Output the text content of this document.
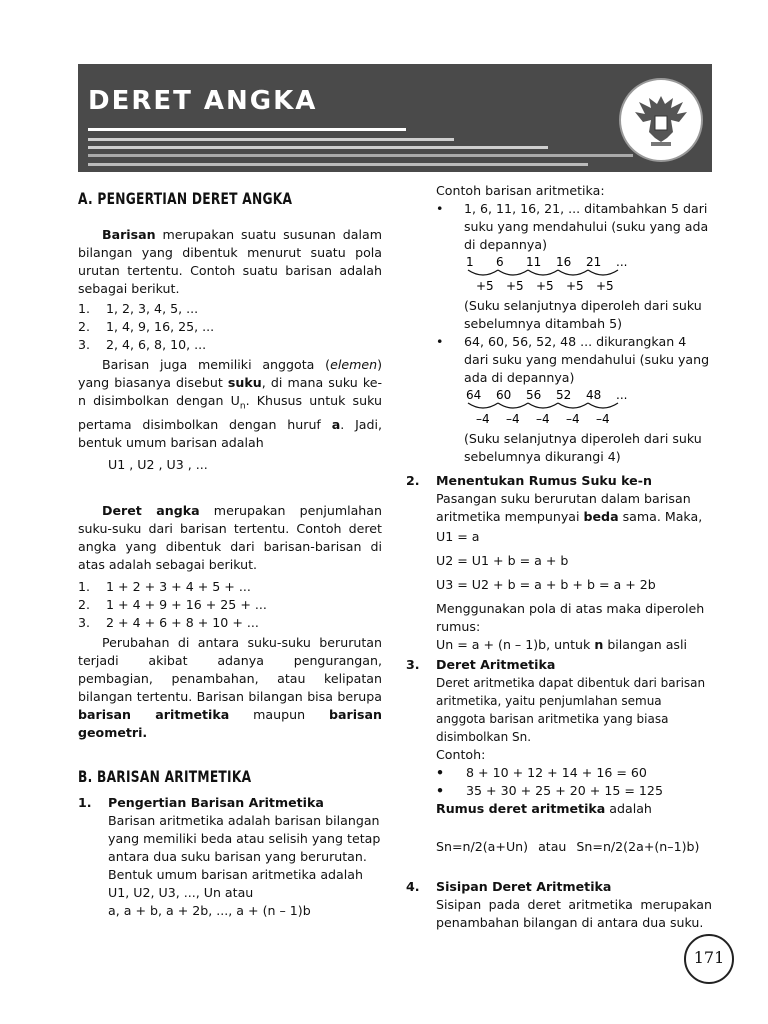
DERET ANGKA
A. PENGERTIAN DERET ANGKA

Barisan merupakan suatu susunan dalam bilangan yang dibentuk menurut suatu pola urutan tertentu. Contoh suatu barisan adalah sebagai berikut.

1.	1, 2, 3, 4, 5, ...
2.	1, 4, 9, 16, 25, ...
3.	2, 4, 6, 8, 10, ...

Barisan juga memiliki anggota (elemen) yang biasanya disebut suku, di mana suku ke-n disimbolkan dengan $U_n$. Khusus untuk suku pertama disimbolkan dengan huruf a. Jadi, bentuk umum barisan adalah

U1 , U2 , U3 , ...

Deret angka merupakan penjumlahan suku-suku dari barisan tertentu. Contoh deret angka yang dibentuk dari barisan-barisan di atas adalah sebagai berikut.

1.	1 + 2 + 3 + 4 + 5 + ...
2.	1 + 4 + 9 + 16 + 25 + ...
3.	2 + 4 + 6 + 8 + 10 + ...

Perubahan di antara suku-suku berurutan terjadi akibat adanya pengurangan, pembagian, penambahan, atau kelipatan bilangan tertentu. Barisan bilangan bisa berupa barisan aritmetika maupun barisan geometri.

B. BARISAN ARITMETIKA
1.	Pengertian Barisan Aritmetika

Barisan aritmetika adalah barisan bilangan yang memiliki beda atau selisih yang tetap antara dua suku barisan yang berurutan. Bentuk umum barisan aritmetika adalah

U1, U2, U3, ..., Un atau

a, a + b, a + 2b, ..., a + (n – 1)b

Contoh barisan aritmetika:

•	1, 6, 11, 16, 21, ... ditambahkan 5 dari suku yang mendahului (suku yang ada di depannya)

1 6 11 16 21 ...
+5 +5 +5 +5 +5

(Suku selanjutnya diperoleh dari suku sebelumnya ditambah 5)

•	64, 60, 56, 52, 48 ... dikurangkan 4 dari suku yang mendahului (suku yang ada di depannya)

64 60 56 52 48 ...
–4 –4 –4 –4 –4

(Suku selanjutnya diperoleh dari suku sebelumnya dikurangi 4)

2.	Menentukan Rumus Suku ke-n

Pasangan suku berurutan dalam barisan aritmetika mempunyai beda sama. Maka,

U1 = a

U2 = U1 + b = a + b

U3 = U2 + b = a + b + b = a + 2b

Menggunakan pola di atas maka diperoleh rumus:

Un = a + (n – 1)b, untuk n bilangan asli

3.	Deret Aritmetika

Deret aritmetika dapat dibentuk dari barisan aritmetika, yaitu penjumlahan semua anggota barisan aritmetika yang biasa disimbolkan Sn.

Contoh:

•	8 + 10 + 12 + 14 + 16 = 60
•	35 + 30 + 25 + 20 + 15 = 125

Rumus deret aritmetika adalah

Sn=n/2(a+Un) atau Sn=n/2(2a+(n–1)b)
4.	Sisipan Deret Aritmetika

Sisipan pada deret aritmetika merupakan penambahan bilangan di antara dua suku.

171
